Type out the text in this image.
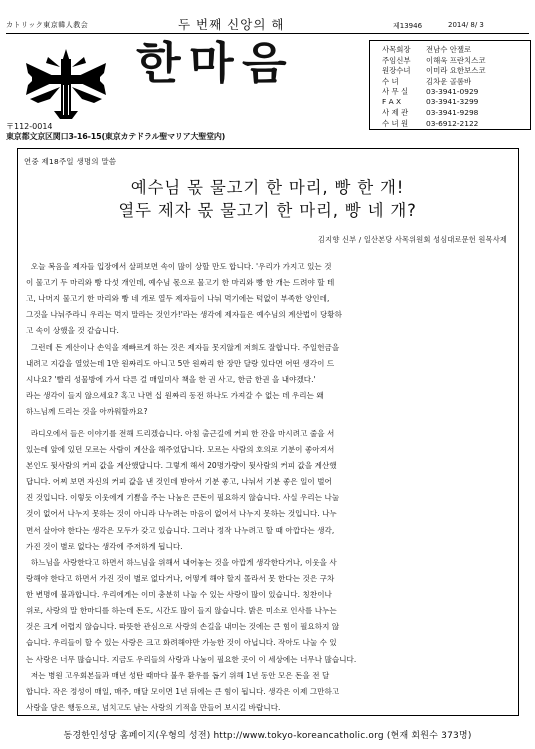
カトリック東京韓人教会	두 번째 신앙의 해	제13946	2014/ 8/ 3
한마음	사목회장 전남수 안젤로
주임신부 이해욱 프란치스코
원장수녀 이미라 요한보스코
수 녀	김차운 골롬바
사 무 실 03-3941-0929
F A X	03-3941-3299
사 제 관 03-3941-9298
수 녀 원 03-6912-2122
〒112-0014
東京都文京区関口3-16-15(東京カテドラル聖マリア大聖堂内)
연중 제18주일 생명의 말씀
예수님 몫 물고기 한 마리, 빵 한 개!
열두 제자 몫 물고기 한 마리, 빵 네 개?
김지향 신부 / 일산본당 사목위원회 성심대로문헌 원목사제

오늘 복음을 제자들 입장에서 살펴보면 속이 많이 상할 만도 합니다. '우리가 가지고 있는 것

이 물고기 두 마리와 빵 다섯 개인데, 예수님 몫으로 물고기 한 마리와 빵 한 개는 드려야 할 테

고, 나머지 물고기 한 마리와 빵 네 개로 열두 제자들이 나눠 먹기에는 턱없이 부족한 양인데,

그것을 나눠주라니 우리는 먹지 말라는 것인가!'라는 생각에 제자들은 예수님의 계산법이 당황하

고 속이 상했을 것 같습니다.

그런데 돈 계산이나 손익을 재빠르게 하는 것은 제자들 못지않게 저희도 잘합니다. 주일헌금을

내려고 지갑을 열었는데 1만 원짜리도 아니고 5만 원짜리 한 장만 달랑 있다면 어떤 생각이 드

시나요? '빨리 성물방에 가서 다른 걸 매일미사 책을 한 권 사고, 한금 한권 을 내야겠다.'

라는 생각이 들지 않으세요? 혹고 나면 십 원짜리 동전 하나도 가져갈 수 없는 데 우리는 왜

하느님께 드리는 것을 아까워할까요?

라디오에서 들은 이야기를 전해 드리겠습니다. 아침 출근길에 커피 한 잔을 마시려고 줄을 서

있는데 앞에 있던 모르는 사람이 계산을 해주었답니다. 모르는 사람의 호의로 기분이 좋아져서

본인도 뒷사람의 커피 값을 계산했답니다. 그렇게 해서 20명가량이 뒷사람의 커피 값을 계산했

답니다. 어찌 보면 자신의 커피 값을 낸 것인데 받아서 기분 좋고, 나눠서 기분 좋은 일이 벌어

진 것입니다. 이렇듯 이웃에게 기쁨을 주는 나눔은 큰돈이 필요하지 않습니다. 사실 우리는 나눌

것이 없어서 나누지 못하는 것이 아니라 나누려는 마음이 없어서 나누지 못하는 것입니다. 나누

면서 살아야 한다는 생각은 모두가 갖고 있습니다. 그러나 정작 나누려고 할 때 아깝다는 생각,

가진 것이 별로 없다는 생각에 주저하게 됩니다.

하느님을 사랑한다고 하면서 하느님을 위해서 내어놓는 것을 아깝게 생각한다거나, 이웃을 사

랑해야 한다고 하면서 가진 것이 별로 없다거나, 어떻게 해야 할지 몰라서 못 한다는 것은 구차

한 변명에 불과합니다. 우리에게는 이미 충분히 나눌 수 있는 사랑이 많이 있습니다. 칭찬이나

위로, 사랑의 말 한마디를 하는데 돈도, 시간도 많이 들지 않습니다. 밝은 미소로 인사를 나누는

것은 크게 어렵지 않습니다. 따뜻한 관심으로 사랑의 손길을 내미는 것에는 큰 힘이 필요하지 않

습니다. 우리들이 할 수 있는 사랑은 크고 화려해야만 가능한 것이 아닙니다. 작아도 나눌 수 있

는 사랑은 너무 많습니다. 지금도 우리들의 사랑과 나눔이 필요한 곳이 이 세상에는 너무나 많습니다.

저는 병원 고우회본들과 매년 성탄 때마다 불우 환우를 돕기 위해 1년 동안 모은 돈을 전 달

합니다. 작은 정성이 매일, 매주, 매달 모이면 1년 뒤에는 큰 힘이 됩니다. 생각은 이제 그만하고

사랑을 담은 행동으로, 넘치고도 남는 사랑의 기적을 만들어 보시길 바랍니다.

동경한인성당 홈페이지(우형의 성전) http://www.tokyo-koreancatholic.org (현재 회원수 373명)
